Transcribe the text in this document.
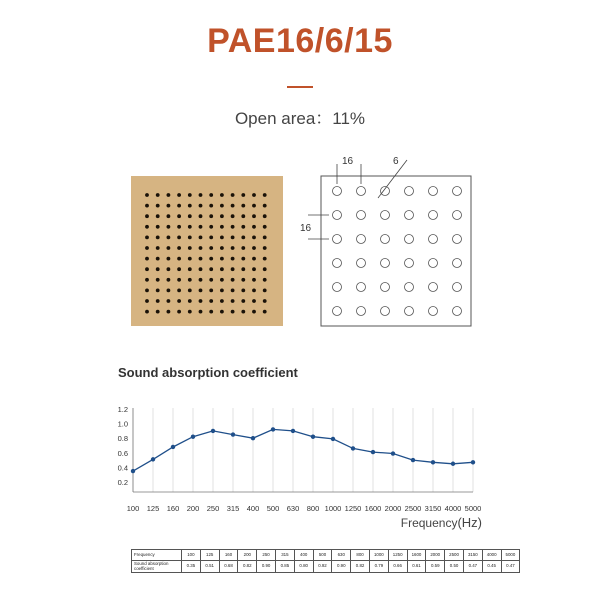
PAE16/6/15
Open area：11%
16	6
16
1.2
1.0
0.8
0.6
0.4
0.2
100 125 160 200 250 315 400 500 630 800 1000 1250 1600 2000 2500 3150 4000 5000
Sound absorption coefficient
Frequency(Hz)
Frequency	100	125	160	200	250	315	400	500	630	800	1000	1250	1600	2000	2500	3150	4000	5000
Sound absorption coefficient	0.35	0.51	0.68	0.82	0.90	0.85	0.80	0.92	0.90	0.82	0.79	0.66	0.61	0.59	0.50	0.47	0.45	0.47
